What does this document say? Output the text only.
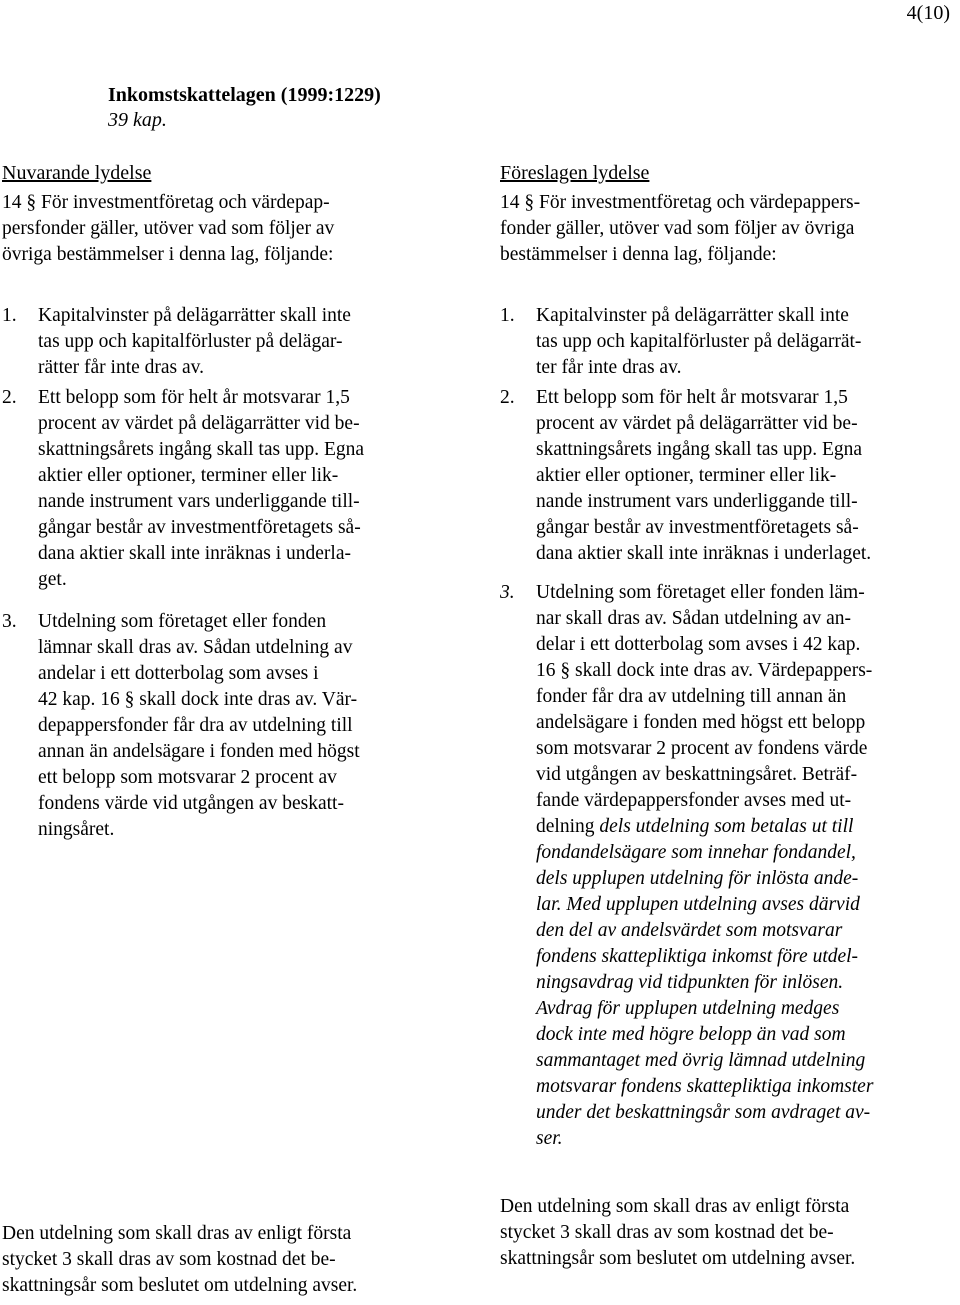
4(10)
Inkomstskattelagen (1999:1229)
39 kap.
Nuvarande lydelse
14 § För investmentföretag och värdepap-
persfonder gäller, utöver vad som följer av
övriga bestämmelser i denna lag, följande:
1. Kapitalvinster på delägarrätter skall inte
tas upp och kapitalförluster på delägar-
rätter får inte dras av.
2. Ett belopp som för helt år motsvarar 1,5
procent av värdet på delägarrätter vid be-
skattningsårets ingång skall tas upp. Egna
aktier eller optioner, terminer eller lik-
nande instrument vars underliggande till-
gångar består av investmentföretagets så-
dana aktier skall inte inräknas i underla-
get.
3. Utdelning som företaget eller fonden
lämnar skall dras av. Sådan utdelning av
andelar i ett dotterbolag som avses i
42 kap. 16 § skall dock inte dras av. Vär-
depappersfonder får dra av utdelning till
annan än andelsägare i fonden med högst
ett belopp som motsvarar 2 procent av
fondens värde vid utgången av beskatt-
ningsåret.
Den utdelning som skall dras av enligt första
stycket 3 skall dras av som kostnad det be-
skattningsår som beslutet om utdelning avser.
Föreslagen lydelse
14 § För investmentföretag och värdepappers-
fonder gäller, utöver vad som följer av övriga
bestämmelser i denna lag, följande:
1. Kapitalvinster på delägarrätter skall inte
tas upp och kapitalförluster på delägarrät-
ter får inte dras av.
2. Ett belopp som för helt år motsvarar 1,5
procent av värdet på delägarrätter vid be-
skattningsårets ingång skall tas upp. Egna
aktier eller optioner, terminer eller lik-
nande instrument vars underliggande till-
gångar består av investmentföretagets så-
dana aktier skall inte inräknas i underlaget.
3. Utdelning som företaget eller fonden läm-
nar skall dras av. Sådan utdelning av an-
delar i ett dotterbolag som avses i 42 kap.
16 § skall dock inte dras av. Värdepappers-
fonder får dra av utdelning till annan än
andelsägare i fonden med högst ett belopp
som motsvarar 2 procent av fondens värde
vid utgången av beskattningsåret. Beträf-
fande värdepappersfonder avses med ut-
delning dels utdelning som betalas ut till
fondandelsägare som innehar fondandel,
dels upplupen utdelning för inlösta ande-
lar. Med upplupen utdelning avses därvid
den del av andelsvärdet som motsvarar
fondens skattepliktiga inkomst före utdel-
ningsavdrag vid tidpunkten för inlösen.
Avdrag för upplupen utdelning medges
dock inte med högre belopp än vad som
sammantaget med övrig lämnad utdelning
motsvarar fondens skattepliktiga inkomster
under det beskattningsår som avdraget av-
ser.
Den utdelning som skall dras av enligt första
stycket 3 skall dras av som kostnad det be-
skattningsår som beslutet om utdelning avser.
